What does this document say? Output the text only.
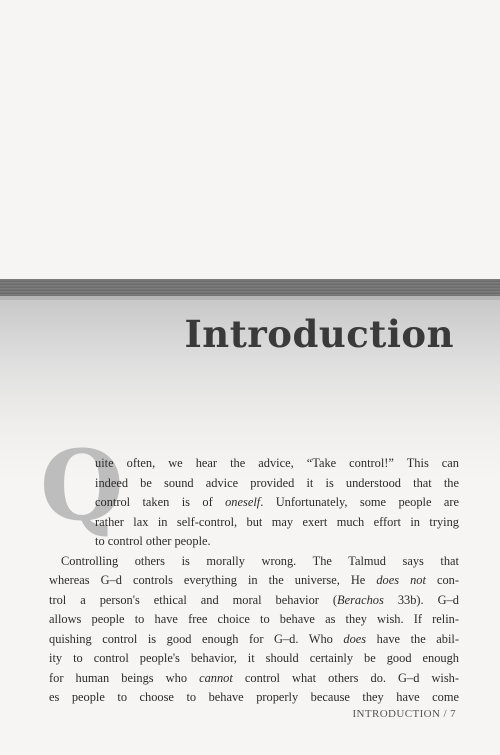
Introduction
Q
uite often, we hear the advice, “Take control!” This can
indeed be sound advice provided it is understood that the
control taken is of oneself. Unfortunately, some people are
rather lax in self-control, but may exert much effort in trying
to control other people.
Controlling others is morally wrong. The Talmud says that
whereas G–d controls everything in the universe, He does not con-
trol a person's ethical and moral behavior (Berachos 33b). G–d
allows people to have free choice to behave as they wish. If relin-
quishing control is good enough for G–d. Who does have the abil-
ity to control people's behavior, it should certainly be good enough
for human beings who cannot control what others do. G–d wish-
es people to choose to behave properly because they have come
INTRODUCTION / 7
